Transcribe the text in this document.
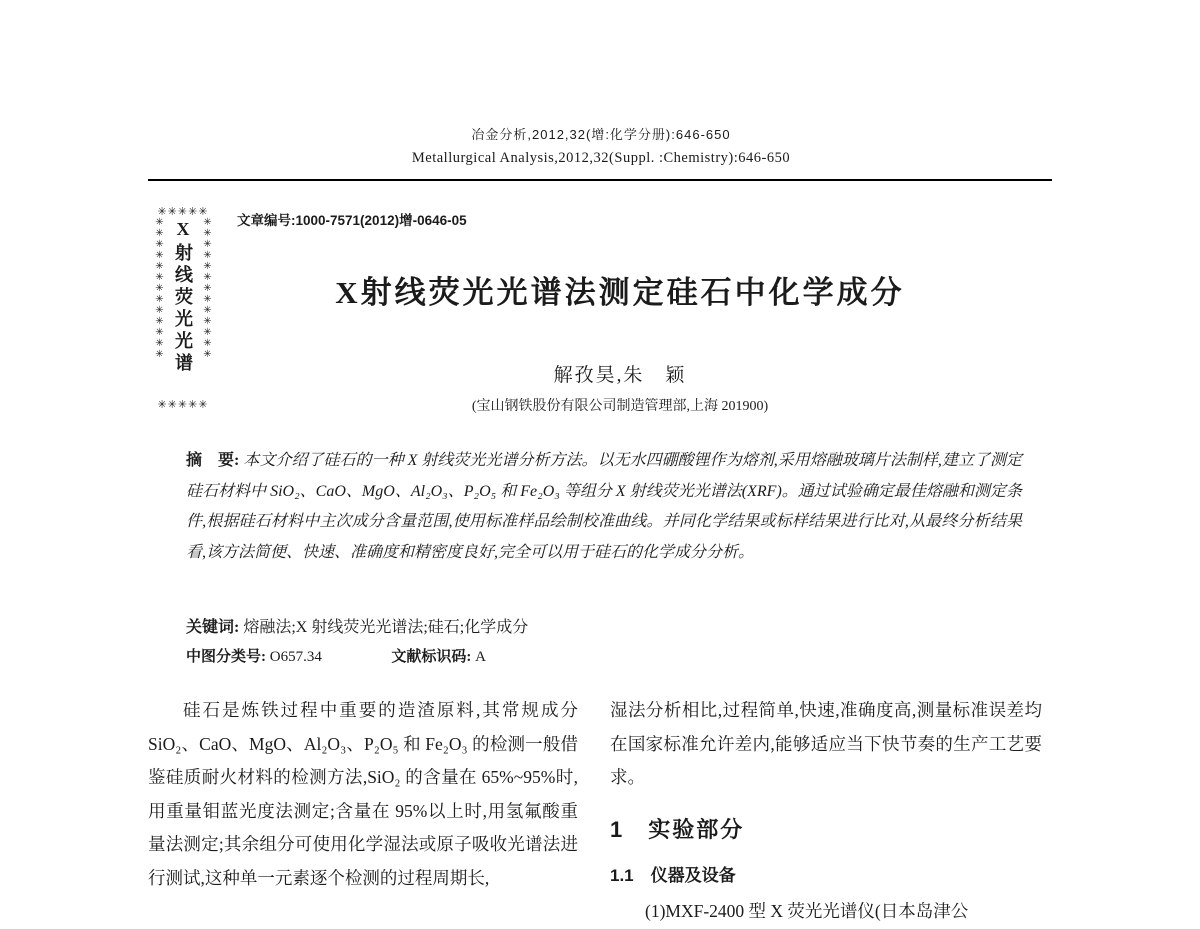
冶金分析,2012,32(增:化学分册):646-650
Metallurgical Analysis,2012,32(Suppl. :Chemistry):646-650
✳✳✳✳✳
✳✳✳✳✳✳✳✳✳✳✳✳✳ X射线荧光光谱 ✳✳✳✳✳✳✳✳✳✳✳✳✳
✳✳✳✳✳
文章编号:1000-7571(2012)增-0646-05
X射线荧光光谱法测定硅石中化学成分
解孜昊,朱　颖
(宝山钢铁股份有限公司制造管理部,上海 201900)
摘　要: 本文介绍了硅石的一种 X 射线荧光光谱分析方法。以无水四硼酸锂作为熔剂,采用熔融玻璃片法制样,建立了测定硅石材料中 SiO₂、CaO、MgO、Al₂O₃、P₂O₅ 和 Fe₂O₃ 等组分 X 射线荧光光谱法(XRF)。通过试验确定最佳熔融和测定条件,根据硅石材料中主次成分含量范围,使用标准样品绘制校准曲线。并同化学结果或标样结果进行比对,从最终分析结果看,该方法简便、快速、准确度和精密度良好,完全可以用于硅石的化学成分分析。
关键词: 熔融法;X 射线荧光光谱法;硅石;化学成分
中图分类号: O657.34	文献标识码: A

硅石是炼铁过程中重要的造渣原料,其常规成分 SiO₂、CaO、MgO、Al₂O₃、P₂O₅ 和 Fe₂O₃ 的检测一般借鉴硅质耐火材料的检测方法,SiO₂ 的含量在 65%~95%时,用重量钼蓝光度法测定;含量在 95%以上时,用氢氟酸重量法测定;其余组分可使用化学湿法或原子吸收光谱法进行测试,这种单一元素逐个检测的过程周期长,

湿法分析相比,过程简单,快速,准确度高,测量标准误差均在国家标准允许差内,能够适应当下快节奏的生产工艺要求。

1　实验部分
1.1　仪器及设备

(1)MXF-2400 型 X 荧光光谱仪(日本岛津公
